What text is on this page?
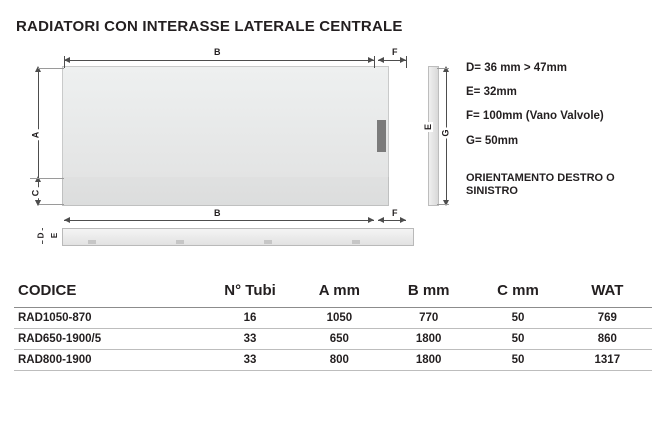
RADIATORI CON INTERASSE LATERALE CENTRALE
B	F
A
C
G
E
B	F
D E
D= 36 mm > 47mm
E= 32mm
F= 100mm (Vano Valvole)
G= 50mm
ORIENTAMENTO DESTRO O SINISTRO
CODICE	N° Tubi	A mm	B mm	C mm	WAT
RAD1050-870	16	1050	770	50	769
RAD650-1900/5	33	650	1800	50	860
RAD800-1900	33	800	1800	50	1317
